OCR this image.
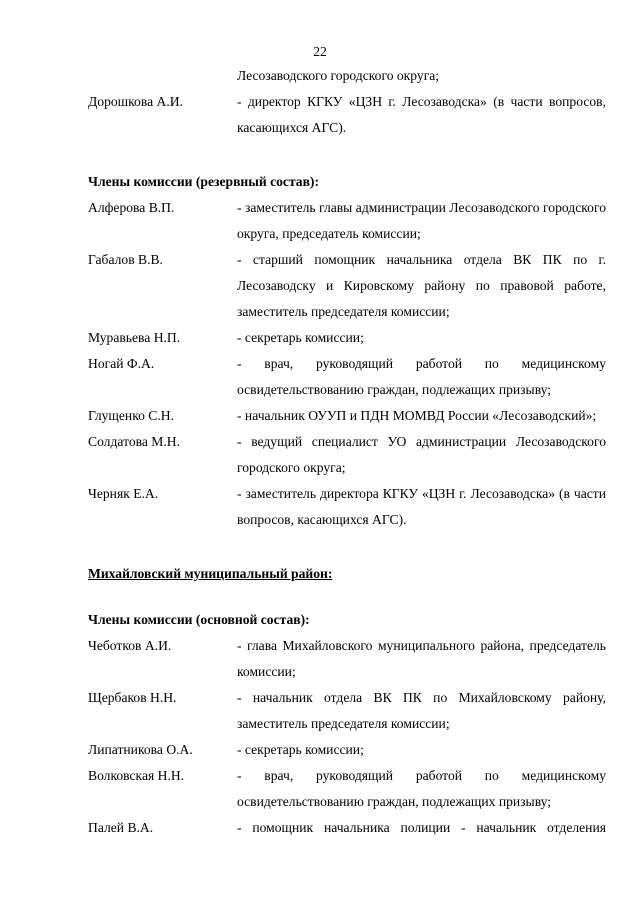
22
Лесозаводского городского округа;
Дорошкова А.И.	- директор КГКУ «ЦЗН г. Лесозаводска» (в части вопросов, касающихся АГС).
Члены комиссии (резервный состав):
Алферова В.П.	- заместитель главы администрации Лесозаводского городского округа, председатель комиссии;
Габалов В.В.	- старший помощник начальника отдела ВК ПК по г. Лесозаводску и Кировскому району по правовой работе, заместитель председателя комиссии;
Муравьева Н.П.	- секретарь комиссии;
Ногай Ф.А.	- врач, руководящий работой по медицинскому освидетельствованию граждан, подлежащих призыву;
Глущенко С.Н.	- начальник ОУУП и ПДН МОМВД России «Лесозаводский»;
Солдатова М.Н.	- ведущий специалист УО администрации Лесозаводского городского округа;
Черняк Е.А.	- заместитель директора КГКУ «ЦЗН г. Лесозаводска» (в части вопросов, касающихся АГС).
Михайловский муниципальный район:
Члены комиссии (основной состав):
Чеботков А.И.	- глава Михайловского муниципального района, председатель комиссии;
Щербаков Н.Н.	- начальник отдела ВК ПК по Михайловскому району, заместитель председателя комиссии;
Липатникова О.А.	- секретарь комиссии;
Волковская Н.Н.	- врач, руководящий работой по медицинскому освидетельствованию граждан, подлежащих призыву;
Палей В.А.	- помощник начальника полиции - начальник отделения
